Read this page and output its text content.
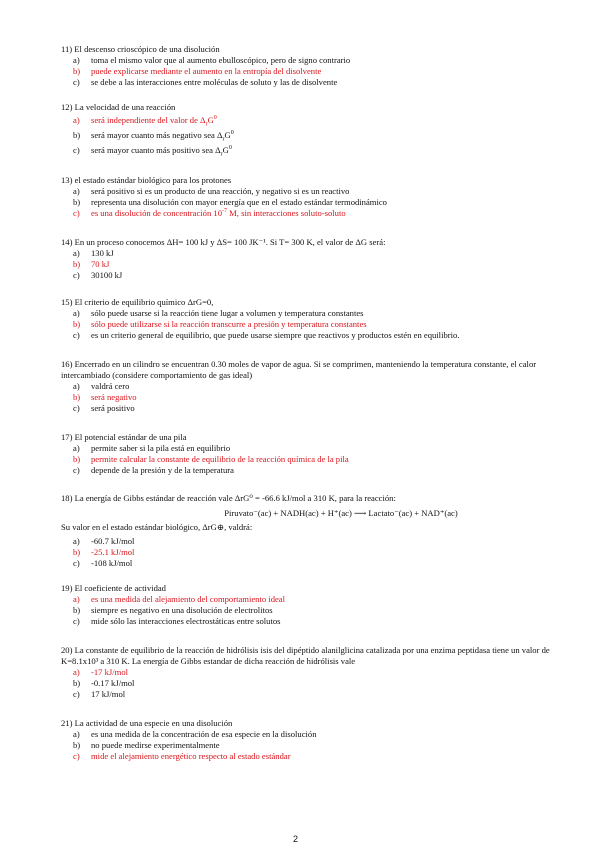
11) El descenso crioscópico de una disolución
a)	toma el mismo valor que al aumento ebulloscópico, pero de signo contrario
b)	puede explicarse mediante el aumento en la entropía del disolvente
c)	se debe a las interacciones entre moléculas de soluto y las de disolvente
12) La velocidad de una reacción
a)	será independiente del valor de $\Delta_rG^0$
b)	será mayor cuanto más negativo sea $\Delta_rG^0$
c)	será mayor cuanto más positivo sea $\Delta_rG^0$
13) el estado estándar biológico para los protones
a)	será positivo si es un producto de una reacción, y negativo si es un reactivo
b)	representa una disolución con mayor energía que en el estado estándar termodinámico
c)	es una disolución de concentración $10^{-7}$ M, sin interacciones soluto-soluto
14) En un proceso conocemos ΔH= 100 kJ y ΔS= 100 JK⁻¹. Si T= 300 K, el valor de ΔG será:
a)	130 kJ
b)	70 kJ
c)	30100 kJ
15) El criterio de equilibrio químico ΔrG=0,
a)	sólo puede usarse si la reacción tiene lugar a volumen y temperatura constantes
b)	sólo puede utilizarse si la reacción transcurre a presión y temperatura constantes
c)	es un criterio general de equilibrio, que puede usarse siempre que reactivos y productos estén en equilibrio.
16) Encerrado en un cilindro se encuentran 0.30 moles de vapor de agua. Si se comprimen, manteniendo la temperatura constante, el calor intercambiado (considere comportamiento de gas ideal)
a)	valdrá cero
b)	será negativo
c)	será positivo
17) El potencial estándar de una pila
a)	permite saber si la pila está en equilibrio
b)	permite calcular la constante de equilibrio de la reacción química de la pila
c)	depende de la presión y de la temperatura
18) La energía de Gibbs estándar de reacción vale ΔrG⁰ = -66.6 kJ/mol a 310 K, para la reacción:
Piruvato⁻(ac) + NADH(ac) + H⁺(ac) ⟶ Lactato⁻(ac) + NAD⁺(ac)
Su valor en el estado estándar biológico, ΔrG⊕, valdrá:
a)	-60.7 kJ/mol
b)	-25.1 kJ/mol
c)	-108 kJ/mol
19) El coeficiente de actividad
a)	es una medida del alejamiento del comportamiento ideal
b)	siempre es negativo en una disolución de electrolitos
c)	mide sólo las interacciones electrostáticas entre solutos
20) La constante de equilibrio de la reacción de hidrólisis isis del dipéptido alanilglicina catalizada por una enzima peptidasa tiene un valor de K=8.1x10³ a 310 K. La energía de Gibbs estandar de dicha reacción de hidrólisis vale
a)	-17 kJ/mol
b)	-0.17 kJ/mol
c)	17 kJ/mol
21) La actividad de una especie en una disolución
a)	es una medida de la concentración de esa especie en la disolución
b)	no puede medirse experimentalmente
c)	mide el alejamiento energético respecto al estado estándar
2
